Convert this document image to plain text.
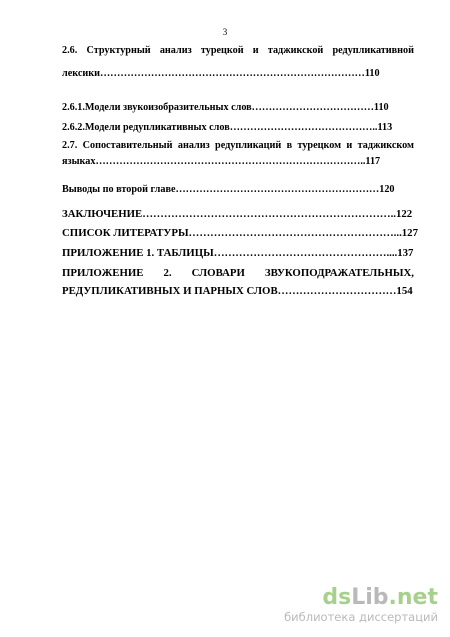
3
2.6. Структурный анализ турецкой и таджикской редупликативной
лексики……………………………………………………………………110
2.6.1.Модели звукоизобразительных слов………………………………110
2.6.2.Модели редупликативных слов……………………………………..113
2.7. Сопоставительный анализ редупликаций в турецком и таджикском
языках……………………………………………………………………..117
Выводы по второй главе……………………………………………………120
ЗАКЛЮЧЕНИЕ……………………………………………………………..122
СПИСОК ЛИТЕРАТУРЫ…………………………………………………...127
ПРИЛОЖЕНИЕ 1. ТАБЛИЦЫ…………………………………………....137
ПРИЛОЖЕНИЕ 2. СЛОВАРИ ЗВУКОПОДРАЖАТЕЛЬНЫХ,
РЕДУПЛИКАТИВНЫХ И ПАРНЫХ СЛОВ……………………………154
dsLib.net
библиотека диссертаций
